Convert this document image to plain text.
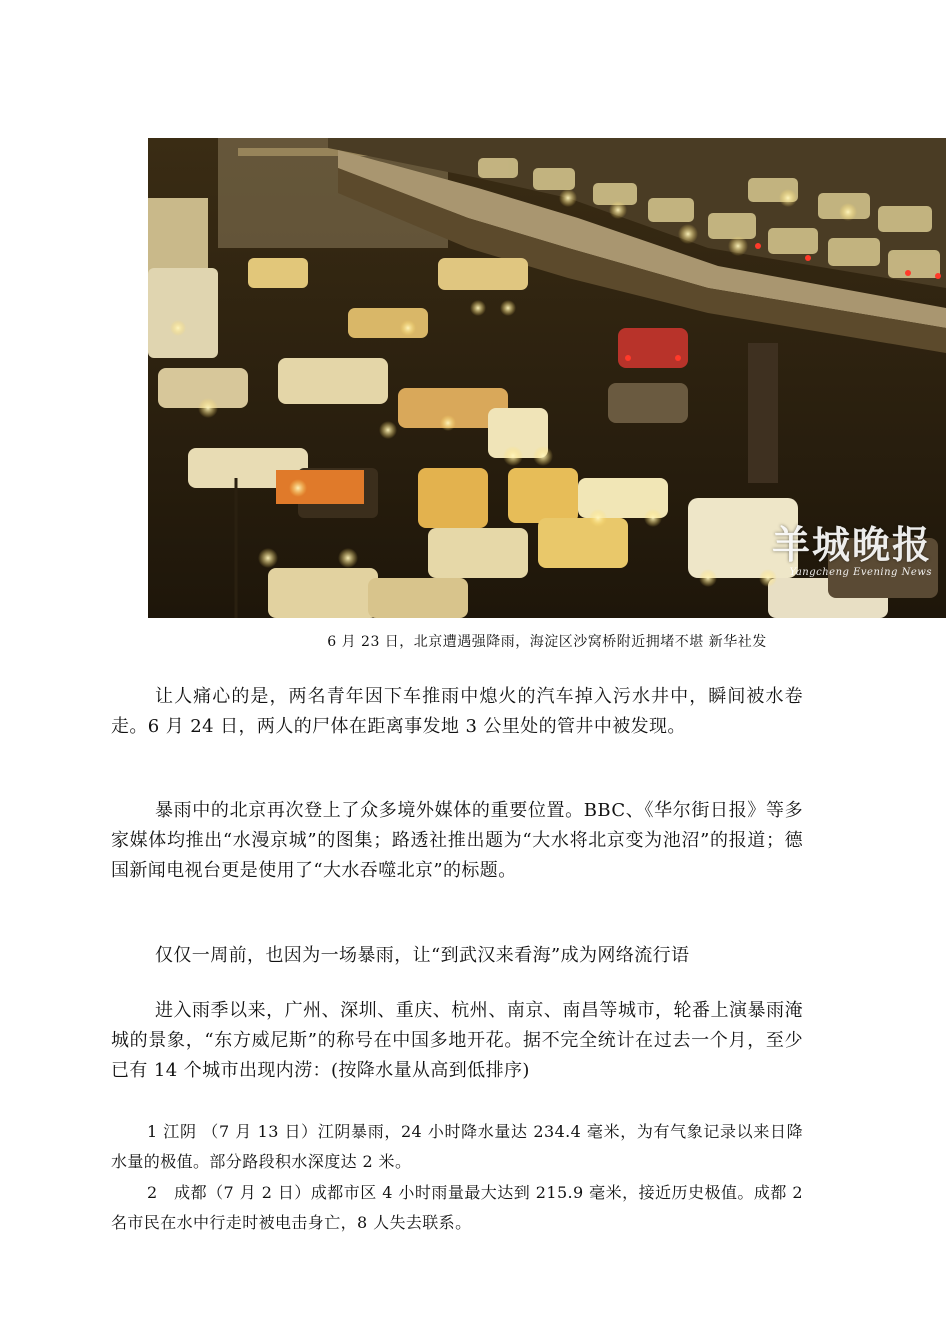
羊城晚报
Yangcheng Evening News
6 月 23 日，北京遭遇强降雨，海淀区沙窝桥附近拥堵不堪 新华社发

让人痛心的是，两名青年因下车推雨中熄火的汽车掉入污水井中，瞬间被水卷走。6 月 24 日，两人的尸体在距离事发地 3 公里处的管井中被发现。

暴雨中的北京再次登上了众多境外媒体的重要位置。BBC、《华尔街日报》等多家媒体均推出“水漫京城”的图集；路透社推出题为“大水将北京变为池沼”的报道；德国新闻电视台更是使用了“大水吞噬北京”的标题。

仅仅一周前，也因为一场暴雨，让“到武汉来看海”成为网络流行语

进入雨季以来，广州、深圳、重庆、杭州、南京、南昌等城市，轮番上演暴雨淹城的景象，“东方威尼斯”的称号在中国多地开花。据不完全统计在过去一个月，至少已有 14 个城市出现内涝：(按降水量从高到低排序)

1 江阴 （7 月 13 日）江阴暴雨，24 小时降水量达 234.4 毫米，为有气象记录以来日降水量的极值。部分路段积水深度达 2 米。

2　成都（7 月 2 日）成都市区 4 小时雨量最大达到 215.9 毫米，接近历史极值。成都 2 名市民在水中行走时被电击身亡，8 人失去联系。
